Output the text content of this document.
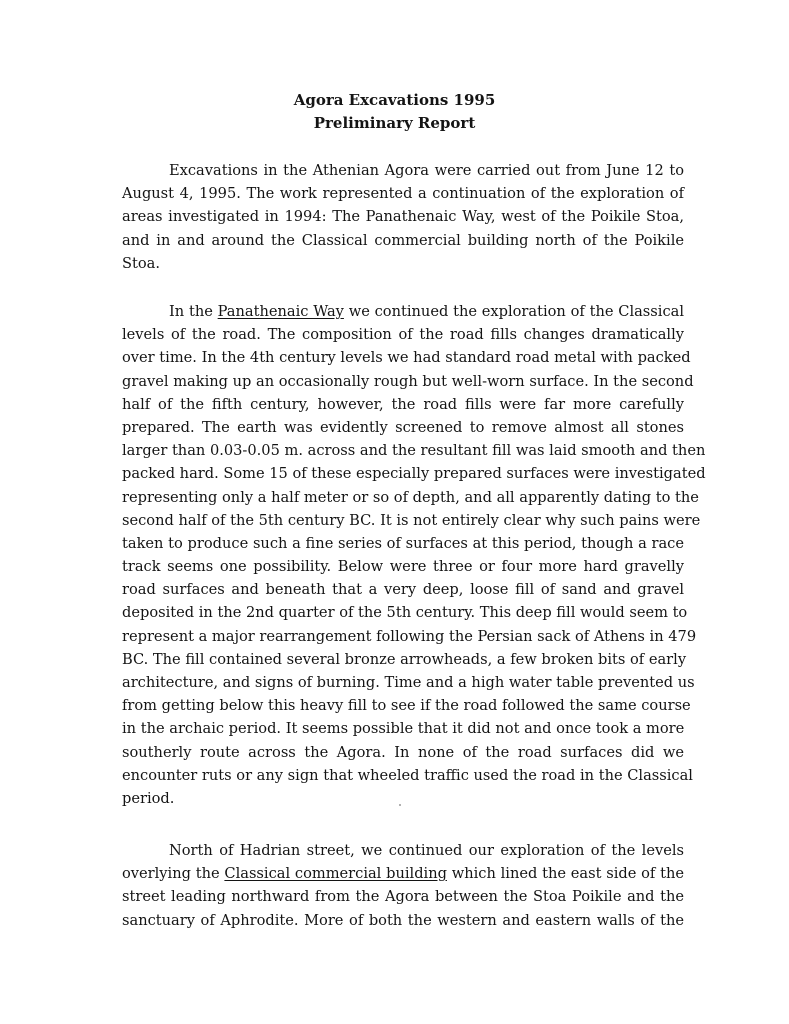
Agora Excavations 1995
Preliminary Report
Excavations in the Athenian Agora were carried out from June 12 to
August 4, 1995. The work represented a continuation of the exploration of
areas investigated in 1994: The Panathenaic Way, west of the Poikile Stoa,
and in and around the Classical commercial building north of the Poikile
Stoa.
In the Panathenaic Way we continued the exploration of the Classical
levels of the road. The composition of the road fills changes dramatically
over time. In the 4th century levels we had standard road metal with packed
gravel making up an occasionally rough but well-worn surface. In the second
half of the fifth century, however, the road fills were far more carefully
prepared. The earth was evidently screened to remove almost all stones
larger than 0.03-0.05 m. across and the resultant fill was laid smooth and then
packed hard. Some 15 of these especially prepared surfaces were investigated
representing only a half meter or so of depth, and all apparently dating to the
second half of the 5th century BC. It is not entirely clear why such pains were
taken to produce such a fine series of surfaces at this period, though a race
track seems one possibility. Below were three or four more hard gravelly
road surfaces and beneath that a very deep, loose fill of sand and gravel
deposited in the 2nd quarter of the 5th century. This deep fill would seem to
represent a major rearrangement following the Persian sack of Athens in 479
BC. The fill contained several bronze arrowheads, a few broken bits of early
architecture, and signs of burning. Time and a high water table prevented us
from getting below this heavy fill to see if the road followed the same course
in the archaic period. It seems possible that it did not and once took a more
southerly route across the Agora. In none of the road surfaces did we
encounter ruts or any sign that wheeled traffic used the road in the Classical
period.
North of Hadrian street, we continued our exploration of the levels
overlying the Classical commercial building which lined the east side of the
street leading northward from the Agora between the Stoa Poikile and the
sanctuary of Aphrodite. More of both the western and eastern walls of the
